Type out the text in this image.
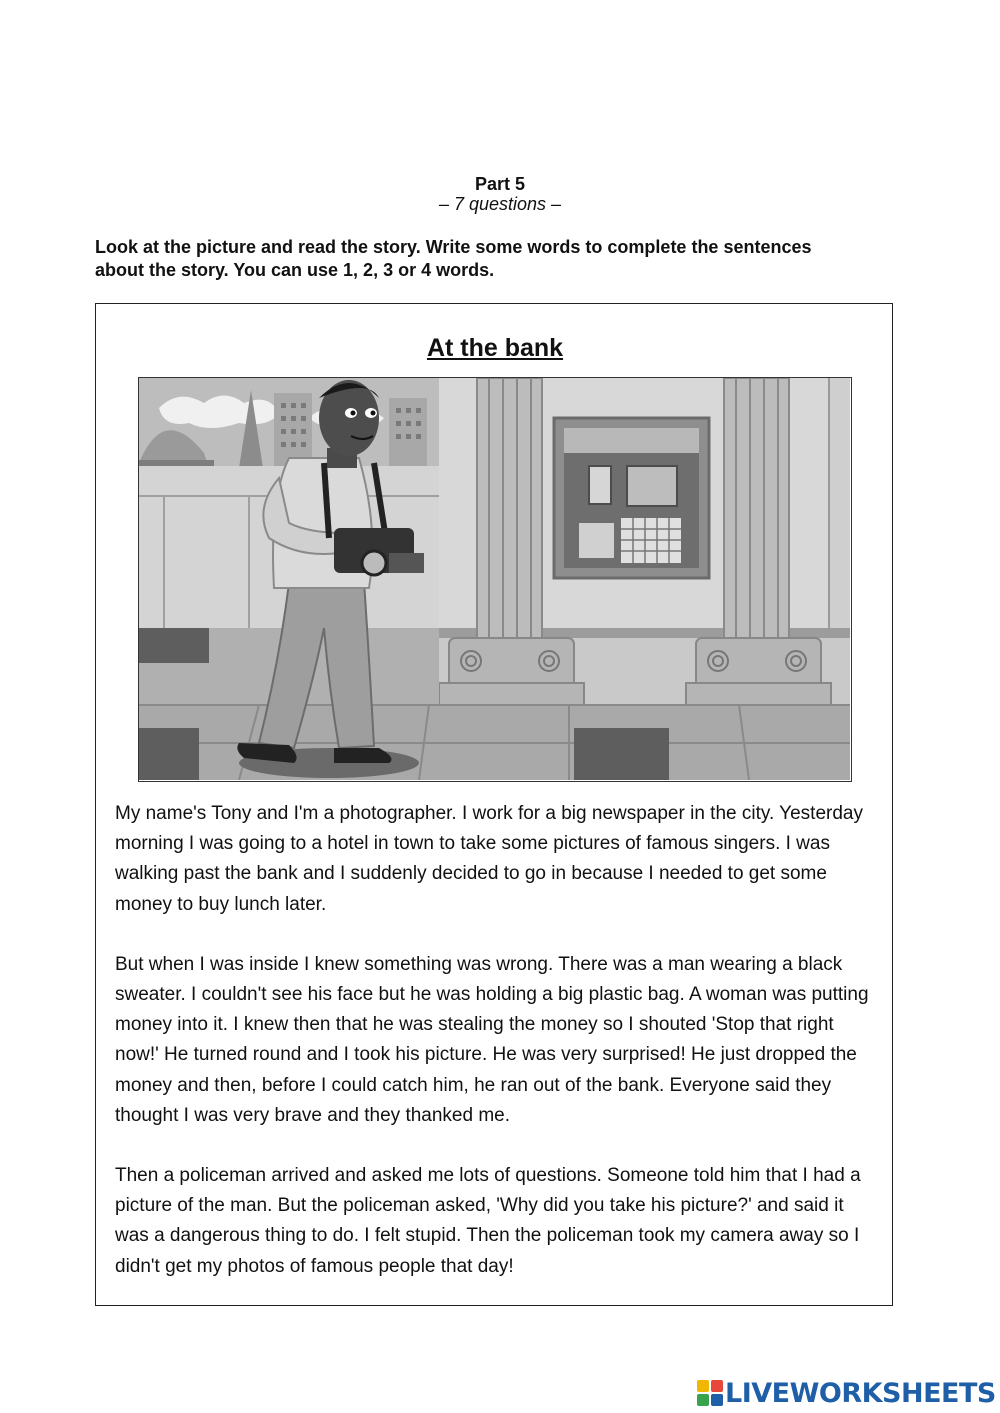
Part 5
– 7 questions –
Look at the picture and read the story. Write some words to complete the sentences about the story. You can use 1, 2, 3 or 4 words.
At the bank

My name's Tony and I'm a photographer. I work for a big newspaper in the city. Yesterday morning I was going to a hotel in town to take some pictures of famous singers. I was walking past the bank and I suddenly decided to go in because I needed to get some money to buy lunch later.

But when I was inside I knew something was wrong. There was a man wearing a black sweater. I couldn't see his face but he was holding a big plastic bag. A woman was putting money into it. I knew then that he was stealing the money so I shouted 'Stop that right now!' He turned round and I took his picture. He was very surprised! He just dropped the money and then, before I could catch him, he ran out of the bank. Everyone said they thought I was very brave and they thanked me.

Then a policeman arrived and asked me lots of questions. Someone told him that I had a picture of the man. But the policeman asked, 'Why did you take his picture?' and said it was a dangerous thing to do. I felt stupid. Then the policeman took my camera away so I didn't get my photos of famous people that day!

LIVEWORKSHEETS
